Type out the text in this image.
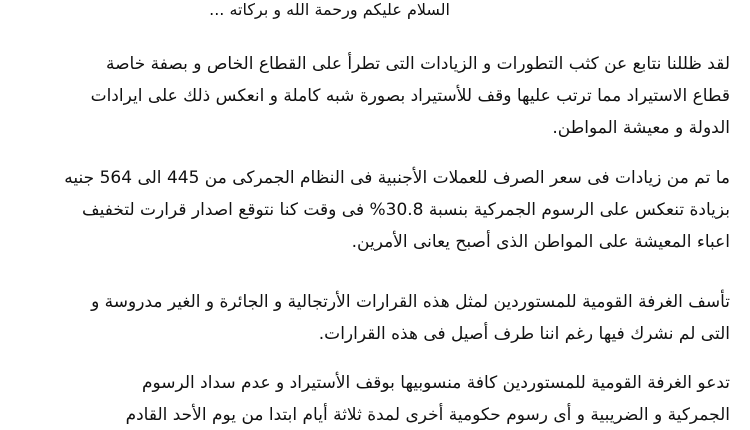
السلام عليكم ورحمة الله و بركاته ...

لقد ظللنا نتابع عن كثب التطورات و الزيادات التى تطرأ على القطاع الخاص و بصفة خاصة
قطاع الاستيراد مما ترتب عليها وقف للأستيراد بصورة شبه كاملة و انعكس ذلك على ايرادات
الدولة و معيشة المواطن.

ما تم من زيادات فى سعر الصرف للعملات الأجنبية فى النظام الجمركى من 445 الى 564 جنيه
بزيادة تنعكس على الرسوم الجمركية بنسبة 30.8% فى وقت كنا نتوقع اصدار قرارت لتخفيف
اعباء المعيشة على المواطن الذى أصبح يعانى الأمرين.

تأسف الغرفة القومية للمستوردين لمثل هذه القرارات الأرتجالية و الجائرة و الغير مدروسة و
التى لم نشرك فيها رغم اننا طرف أصيل فى هذه القرارات.

تدعو الغرفة القومية للمستوردين كافة منسوبيها بوقف الأستيراد و عدم سداد الرسوم
الجمركية و الضريبية و أى رسوم حكومية أخرى لمدة ثلاثة أيام ابتدا من يوم الأحد القادم
